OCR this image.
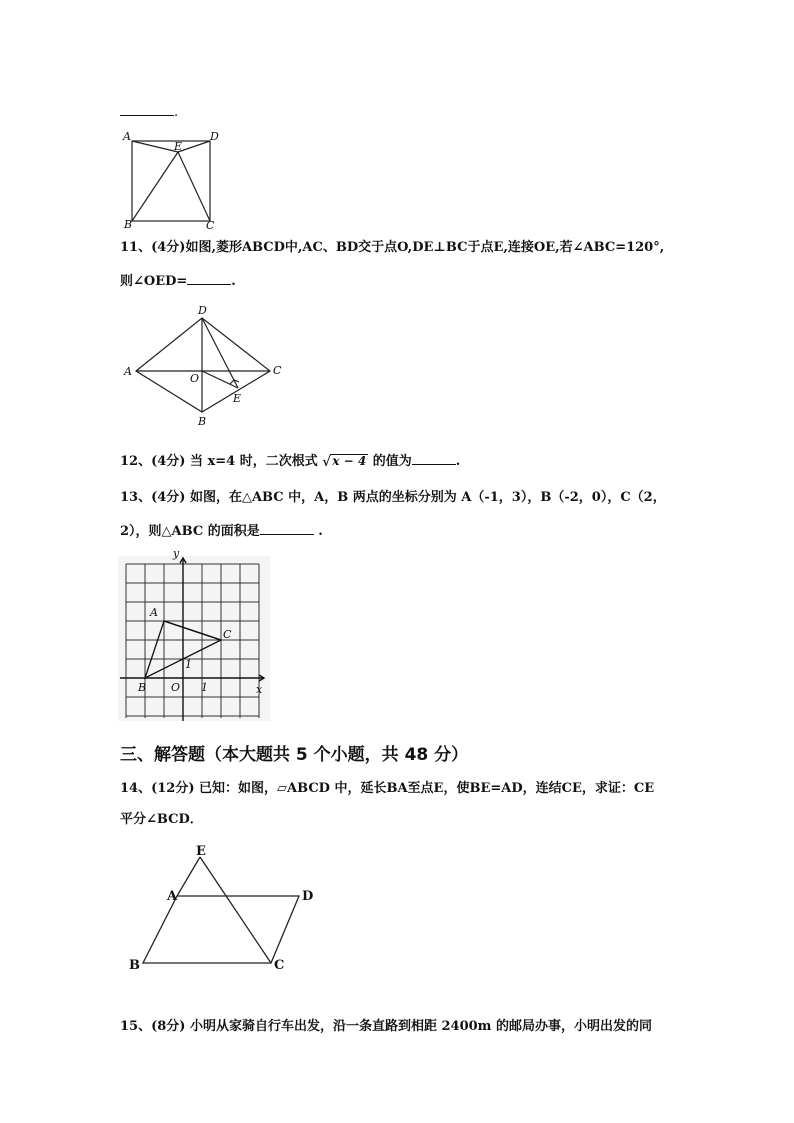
.
A	D
E
B	C
11、(4分)如图,菱形ABCD中,AC、BD交于点O,DE⊥BC于点E,连接OE,若∠ABC=120°,
则∠OED=	.
D
A
O
C
E
B
12、(4分) 当 x=4 时，二次根式 √ x − 4 的值为	.
13、(4分) 如图，在△ABC 中，A，B 两点的坐标分别为 A（-1，3），B（-2，0），C（2，
2），则△ABC 的面积是	.
y
A
C
1
B O 1	x
三、解答题（本大题共 5 个小题，共 48 分）
14、(12分) 已知：如图，▱ABCD 中，延长BA至点E，使BE=AD，连结CE，求证：CE
平分∠BCD．
E
A	D
B	C
15、(8分) 小明从家骑自行车出发，沿一条直路到相距 2400m 的邮局办事，小明出发的同
